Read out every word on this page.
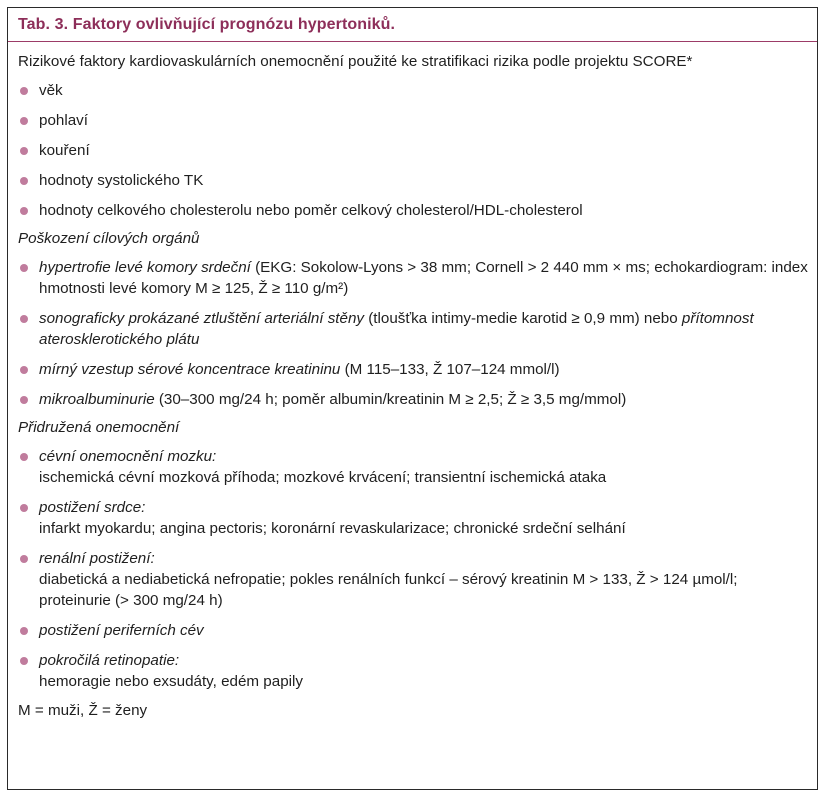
Tab. 3. Faktory ovlivňující prognózu hypertoniků.
Rizikové faktory kardiovaskulárních onemocnění použité ke stratifikaci rizika podle projektu SCORE*
věk
pohlaví
kouření
hodnoty systolického TK
hodnoty celkového cholesterolu nebo poměr celkový cholesterol/HDL-cholesterol
Poškození cílových orgánů
hypertrofie levé komory srdeční (EKG: Sokolow-Lyons > 38 mm; Cornell > 2 440 mm × ms; echokardiogram: index hmotnosti levé komory M ≥ 125, Ž ≥ 110 g/m²)
sonograficky prokázané ztluštění arteriální stěny (tloušťka intimy-medie karotid ≥ 0,9 mm) nebo přítomnost aterosklerotického plátu
mírný vzestup sérové koncentrace kreatininu (M 115–133, Ž 107–124 mmol/l)
mikroalbuminurie (30–300 mg/24 h; poměr albumin/kreatinin M ≥ 2,5; Ž ≥ 3,5 mg/mmol)
Přidružená onemocnění
cévní onemocnění mozku:
ischemická cévní mozková příhoda; mozkové krvácení; transientní ischemická ataka
postižení srdce:
infarkt myokardu; angina pectoris; koronární revaskularizace; chronické srdeční selhání
renální postižení:
diabetická a nediabetická nefropatie; pokles renálních funkcí – sérový kreatinin M > 133, Ž > 124 µmol/l; proteinurie (> 300 mg/24 h)
postižení periferních cév
pokročilá retinopatie:
hemoragie nebo exsudáty, edém papily
M = muži, Ž = ženy
